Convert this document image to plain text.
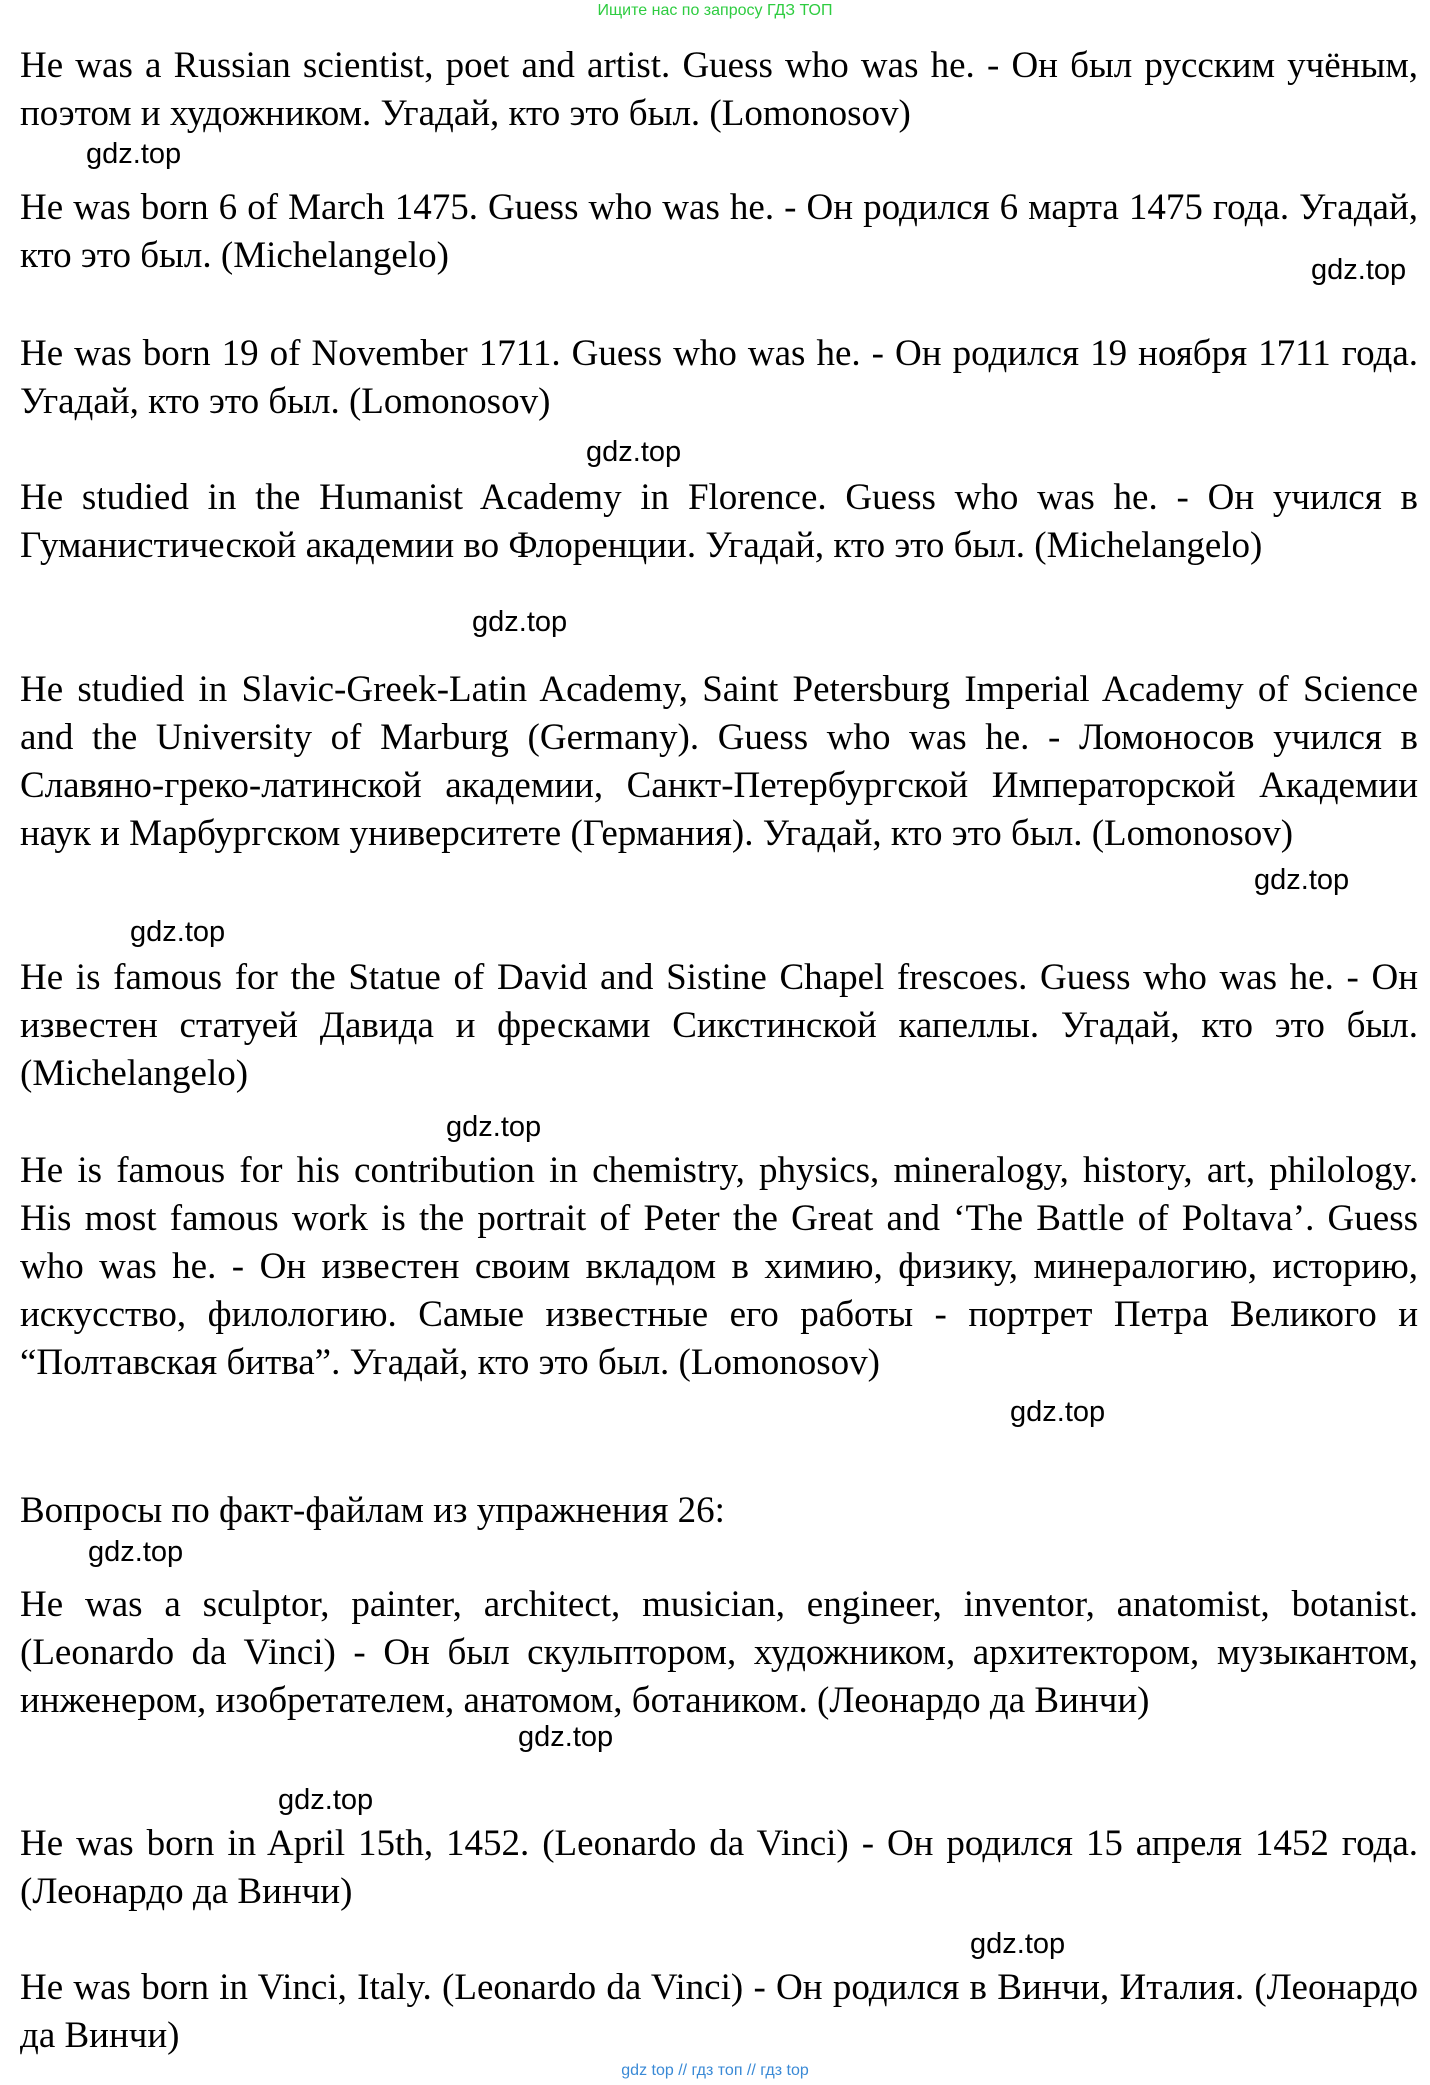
Ищите нас по запросу ГДЗ ТОП

He was a Russian scientist, poet and artist. Guess who was he. - Он был русским учёным, поэтом и художником. Угадай, кто это был. (Lomonosov)

gdz.top

He was born 6 of March 1475. Guess who was he. - Он родился 6 марта 1475 года. Угадай, кто это был. (Michelangelo)	gdz.top

He was born 19 of November 1711. Guess who was he. - Он родился 19 ноября 1711 года. Угадай, кто это был. (Lomonosov)

gdz.top

He studied in the Humanist Academy in Florence. Guess who was he. - Он учился в Гуманистической академии во Флоренции. Угадай, кто это был. (Michelangelo)

gdz.top

He studied in Slavic-Greek-Latin Academy, Saint Petersburg Imperial Academy of Science and the University of Marburg (Germany). Guess who was he. - Ломоносов учился в Славяно-греко-латинской академии, Санкт-Петербургской Императорской Академии наук и Марбургском университете (Германия). Угадай, кто это был. (Lomonosov)

gdz.top
gdz.top

He is famous for the Statue of David and Sistine Chapel frescoes. Guess who was he. - Он известен статуей Давида и фресками Сикстинской капеллы. Угадай, кто это был. (Michelangelo)

gdz.top

He is famous for his contribution in chemistry, physics, mineralogy, history, art, philology. His most famous work is the portrait of Peter the Great and ‘The Battle of Poltava’. Guess who was he. - Он известен своим вкладом в химию, физику, минералогию, историю, искусство, филологию. Самые известные его работы - портрет Петра Великого и “Полтавская битва”. Угадай, кто это был. (Lomonosov)

gdz.top

Вопросы по факт-файлам из упражнения 26:

gdz.top

He was a sculptor, painter, architect, musician, engineer, inventor, anatomist, botanist. (Leonardo da Vinci) - Он был скульптором, художником, архитектором, музыкантом, инженером, изобретателем, анатомом, ботаником. (Леонардо да Винчи)

gdz.top
gdz.top

He was born in April 15th, 1452. (Leonardo da Vinci) - Он родился 15 апреля 1452 года. (Леонардо да Винчи)

gdz.top

He was born in Vinci, Italy. (Leonardo da Vinci) - Он родился в Винчи, Италия. (Леонардо да Винчи)

gdz top // гдз топ // гдз top
